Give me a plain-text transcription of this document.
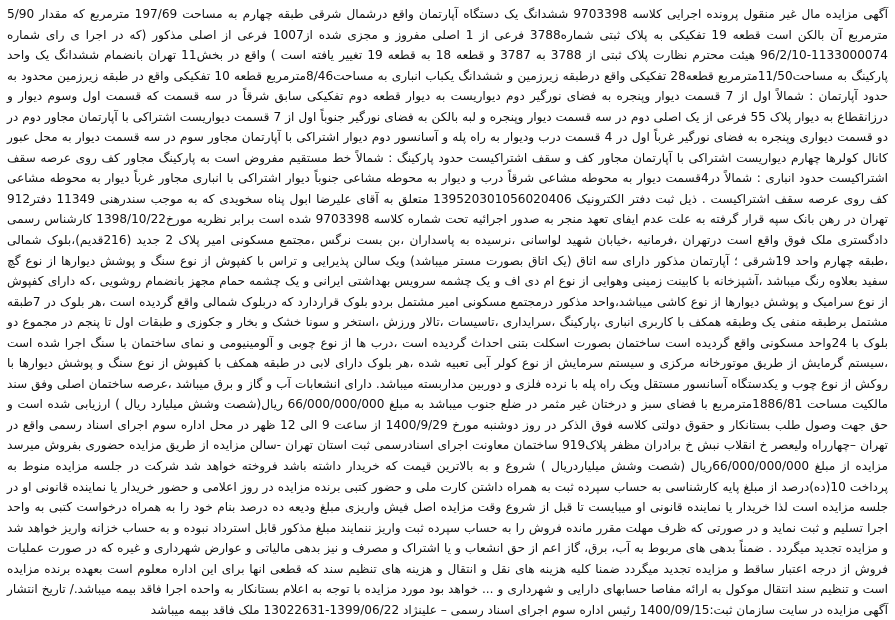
آگهی مزایده مال غیر منقول پرونده اجرایی کلاسه 9703398 ششدانگ یک دستگاه آپارتمان واقع درشمال شرقی طبقه چهارم به مساحت 197/69 مترمربع که مقدار 5/90 مترمربع آن بالکن است قطعه 19 تفکیکی به پلاک ثبتی شماره3788 فرعی از 1 اصلی مفروز و مجزی شده از1007 فرعی از اصلی مذکور (که در اجرا ی رای شماره 1133000074-96/2/10 هیئت محترم نظارت پلاک ثبتی از 3788 به 3787 و قطعه 18 به قطعه 19 تغییر یافته است ) واقع در بخش11 تهران بانضمام ششدانگ یک واحد پارکینگ به مساحت11/50مترمربع قطعه28 تفکیکی واقع درطبقه زیرزمین و ششدانگ یکباب انباری به مساحت8/46مترمربع قطعه 10 تفکیکی واقع در طبقه زیرزمین محدود به حدود آپارتمان : شمالاً اول از 7 قسمت دیوار وپنجره به فضای نورگیر دوم دیواریست به دیوار قطعه دوم تفکیکی سابق شرقاً در سه قسمت که قسمت اول وسوم دیوار و درزانقطاع به دیوار پلاک 55 فرعی از یک اصلی دوم در سه قسمت دیوار وپنجره و لبه بالکن به فضای نورگیر جنوباً اول از 7 قسمت دیواریست اشتراکی با آپارتمان مجاور دوم در دو قسمت دیواری وپنجره به فضای نورگیر غرباً اول در 4 قسمت درب ودیوار به راه پله و آسانسور دوم دیوار اشتراکی با آپارتمان مجاور سوم در سه قسمت دیوار به محل عبور کانال کولرها چهارم دیواریست اشتراکی با آپارتمان مجاور کف و سقف اشتراکیست حدود پارکینگ : شمالاً خط مستقیم مفروض است به پارکینگ مجاور کف روی عرصه سقف اشتراکیست حدود انباری : شمالاً در4قسمت دیوار به محوطه مشاعی شرقاً درب و دیوار به محوطه مشاعی جنوباً دیوار اشتراکی با انباری مجاور غرباً دیوار به محوطه مشاعی کف روی عرصه سقف اشتراکیست . ذیل ثبت دفتر الکترونیک 139520301056020406 متعلق به آقای علیرضا ابول پناه سخویدی که به موجب سندرهنی 11349 دفتر912 تهران در رهن بانک سپه قرار گرفته به علت عدم ایفای تعهد منجر به صدور اجرائیه تحت شماره کلاسه 9703398 شده است برابر نظریه مورخ1398/10/22 کارشناس رسمی دادگستری ملک فوق واقع است درتهران ،فرمانیه ،خیابان شهید لواسانی ،نرسیده به پاسداران ،بن بست نرگس ،مجتمع مسکونی امیر پلاک 2 جدید (216قدیم)،بلوک شمالی ،طبقه چهارم واحد 19شرقی ؛ آپارتمان مذکور دارای سه اتاق (یک اتاق بصورت مستر میباشد) ویک سالن پذیرایی و تراس با کفپوش از نوع سنگ و پوشش دیوارها از نوع گچ سفید بعلاوه رنگ میباشد ،آشپزخانه با کابینت زمینی وهوایی از نوع ام دی اف و یک چشمه سرویس بهداشتی ایرانی و یک چشمه حمام مجهز بانضمام روشویی ،که دارای کفپوش از نوع سرامیک و پوشش دیوارها از نوع کاشی میباشد،واحد مذکور درمجتمع مسکونی امیر مشتمل بردو بلوک قراردارد که دربلوک شمالی واقع گردیده است ،هر بلوک در 7طبقه مشتمل برطبقه منفی یک وطبقه همکف با کاربری انباری ،پارکینگ ،سرایداری ،تاسیسات ،تالار ورزش ،استخر و سونا خشک و بخار و جکوزی و طبقات اول تا پنجم در مجموع دو بلوک با 24واحد مسکونی واقع گردیده است ساختمان بصورت اسکلت بتنی احداث گردیده است ،درب ها از نوع چوبی و آلومینیومی و نمای ساختمان با سنگ اجرا شده است ،سیستم گرمایش از طریق موتورخانه مرکزی و سیستم سرمایش از نوع کولر آبی تعبیه شده ،هر بلوک دارای لابی در طبقه همکف با کفپوش از نوع سنگ و پوشش دیوارها با روکش از نوع چوب و یکدستگاه آسانسور مستقل ویک راه پله با نرده فلزی و دوربین مداربسته میباشد. دارای انشعابات آب و گاز و برق میباشد ،عرصه ساختمان اصلی وفق سند مالکیت مساحت 1886/81مترمربع با فضای سبز و درختان غیر مثمر در ضلع جنوب میباشد به مبلغ 66/000/000/000 ریال(شصت وشش میلیارد ریال ) ارزیابی شده است و حق جهت وصول طلب بستانکار و حقوق دولتی کلاسه فوق الذکر در روز دوشنبه مورخ 1400/9/29 از ساعت 9 الی 12 ظهر در محل اداره سوم اجرای اسناد رسمی واقع در تهران –چهارراه ولیعصر خ انقلاب نبش خ برادران مظفر پلاک919 ساختمان معاونت اجرای اسنادرسمی ثبت استان تهران -سالن مزایده از طریق مزایده حضوری بفروش میرسد مزایده از مبلغ 66/000/000/000ریال (شصت وشش میلیاردریال ) شروع و به بالاترین قیمت که خریدار داشته باشد فروخته خواهد شد شرکت در جلسه مزایده منوط به پرداخت 10(ده)درصد از مبلغ پایه کارشناسی به حساب سپرده ثبت به همراه داشتن کارت ملی و حضور کتبی برنده مزایده در روز اعلامی و حضور خریدار یا نماینده قانونی او در جلسه مزایده است لذا خریدار یا نماینده قانونی او میبایست تا قبل از شروع وقت مزایده اصل فیش واریزی مبلغ ودیعه ده درصد بنام خود را به همراه درخواست کتبی به واحد اجرا تسلیم و ثبت نماید و در صورتی که ظرف مهلت مقرر مانده فروش را به حساب سپرده ثبت واریز ننمایند مبلغ مذکور قابل استرداد نبوده و به حساب خزانه واریز خواهد شد و مزایده تجدید میگردد . ضمناً بدهی های مربوط به آب، برق، گاز اعم از حق انشعاب و یا اشتراک و مصرف و نیز بدهی مالیاتی و عوارض شهرداری و غیره که در صورت عملیات فروش از درجه اعتبار ساقط و مزایده تجدید میگردد ضمنا کلیه هزینه های نقل و انتقال و هزینه های تنظیم سند که قطعی انها برای این اداره معلوم است بعهده برنده مزایده است و تنظیم سند انتقال موکول به ارائه مفاصا حسابهای دارایی و شهرداری و ... خواهد بود مورد مزایده با توجه به اعلام بستانکار به واحده اجرا فاقد بیمه میباشد./ تاریخ انتشار آگهی مزایده در سایت سازمان ثبت:1400/09/15 رئیس اداره سوم اجرای اسناد رسمی – علینژاد 1399/06/22-13022631 ملک فاقد بیمه میباشد
